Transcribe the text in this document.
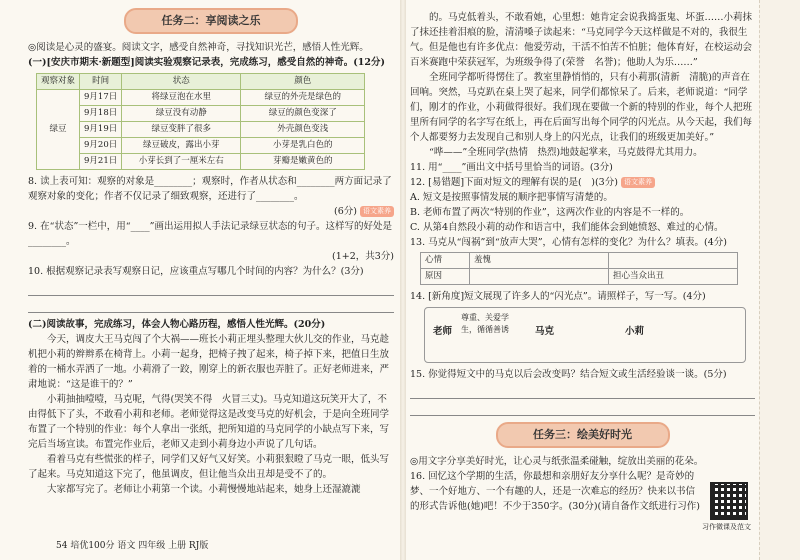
任务二：享阅读之乐

◎阅读是心灵的盛宴。阅读文字，感受自然神奇，寻找知识光芒，感悟人性光辉。

(一)[安庆市期末·新题型]阅读实验观察记录表，完成练习，感受自然的神奇。(12分)

观察对象	时间	状态	颜色
绿豆	9月17日	将绿豆泡在水里	绿豆的外壳是绿色的
	9月18日	绿豆没有动静	绿豆的颜色变深了
	9月19日	绿豆变胖了很多	外壳颜色变浅
	9月20日	绿豆破皮，露出小芽	小芽是乳白色的
	9月21日	小芽长到了一厘米左右	芽瓣是嫩黄色的

8. 读上表可知：观察的对象是________；观察时，作者从状态和________两方面记录了观察对象的变化；作者不仅记录了细致观察，还进行了________。

(6分) 语文素养

9. 在“状态”一栏中，用“____”画出运用拟人手法记录绿豆状态的句子。这样写的好处是________。

(1+2，共3分)

10. 根据观察记录表写观察日记，应该重点写哪几个时间的内容？为什么？(3分)

(二)阅读故事，完成练习，体会人物心路历程，感悟人性光辉。(20分)

今天，调皮大王马克闯了个大祸——班长小莉正埋头整理大伙儿交的作业，马克趁机把小莉的辫辫系在椅背上。小莉一起身，把椅子拽了起来，椅子掉下来，把值日生放着的一桶水弄洒了一地。小莉滑了一跤，刚穿上的新衣服也弄脏了。正好老师进来，严肃地说：“这是谁干的？”

小莉抽抽噎噎，马克呢，气得(哭笑不得　火冒三丈)。马克知道这玩笑开大了，不由得低下了头，不敢看小莉和老师。老师觉得这是改变马克的好机会，于是向全班同学布置了一个特别的作业：每个人拿出一张纸，把所知道的马克同学的小缺点写下来，写完后当场宣读。布置完作业后，老师又走到小莉身边小声说了几句话。

看着马克有些慌张的样子，同学们又好气又好笑。小莉狠狠瞪了马克一眼，低头写了起来。马克知道这下完了，他虽调皮，但让他当众出丑却是受不了的。

大家都写完了。老师让小莉第一个读。小莉慢慢地站起来，她身上还湿漉漉

54 培优100分 语文 四年级 上册 RJ版

的。马克低着头，不敢看她，心里想：她肯定会说我捣蛋鬼、坏蛋……小莉抹了抹还挂着泪痕的脸，清清嗓子读起来：“马克同学今天这样做是不对的，我很生气。但是他也有许多优点：他爱劳动，干活不怕苦不怕脏；他体育好，在校运动会百米赛跑中荣获冠军，为班级争得了(荣誉　名誉)；他助人为乐……”

全班同学都听得愣住了。教室里静悄悄的，只有小莉那(清新　清脆)的声音在回响。突然，马克趴在桌上哭了起来，同学们都惊呆了。后来，老师说道：“同学们，刚才的作业，小莉做得很好。我们现在要做一个新的特别的作业，每个人把班里所有同学的名字写在纸上，再在后面写出每个同学的闪光点。从今天起，我们每个人都要努力去发现自己和别人身上的闪光点，让我们的班级更加美好。”

“哗——”全班同学(热情　热烈)地鼓起掌来，马克鼓得尤其用力。

11. 用“____”画出文中括号里恰当的词语。(3分)

12. [易错题]下面对短文的理解有误的是(　)(3分) 语文素养

A. 短文是按照事情发展的顺序把事情写清楚的。

B. 老师布置了两次“特别的作业”，这两次作业的内容是不一样的。

C. 从第4自然段小莉的动作和语言中，我们能体会到她愤怒、难过的心情。

13. 马克从“闯祸”到“放声大哭”，心情有怎样的变化？为什么？填表。(4分)

心情	羞愧	
原因		担心当众出丑

14. [新角度]短文展现了许多人的“闪光点”。请照样子，写一写。(4分)

老师
尊重、关爱学生，循循善诱	马克	小莉

15. 你觉得短文中的马克以后会改变吗？结合短文或生活经验谈一谈。(5分)

任务三：绘美好时光

◎用文字分享美好时光，让心灵与纸张温柔碰触，绽放出美丽的花朵。

16. 回忆这个学期的生活，你最想和亲朋好友分享什么呢？是奇妙的梦、一个好地方、一个有趣的人，还是一次难忘的经历？快来以书信的形式告诉他(她)吧！不少于350字。(30分)(请自备作文纸进行习作)

习作微课及范文
